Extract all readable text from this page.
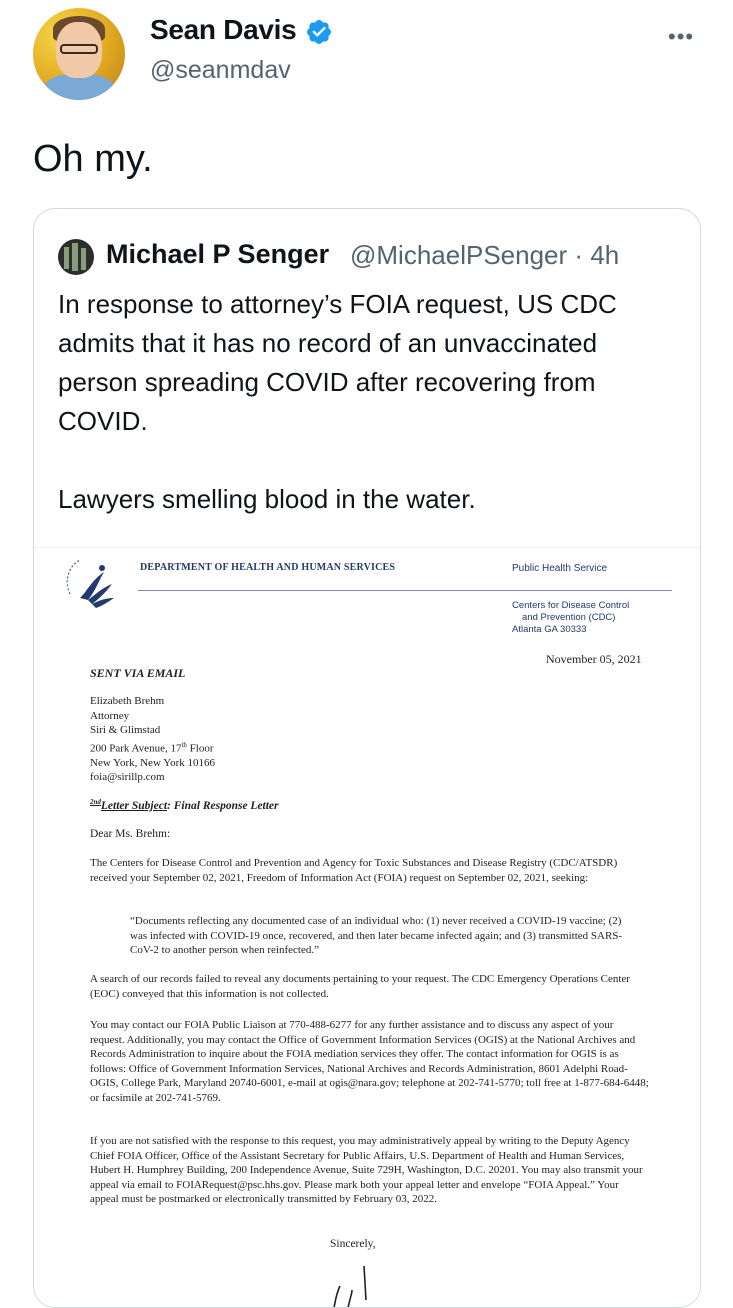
Sean Davis
@seanmdav
•••
Oh my.
Michael P Senger @MichaelPSenger · 4h

In response to attorney’s FOIA request, US CDC admits that it has no record of an unvaccinated person spreading COVID after recovering from COVID.

Lawyers smelling blood in the water.

DEPARTMENT OF HEALTH AND HUMAN SERVICES	Public Health Service
Centers for Disease Control
and Prevention (CDC)
Atlanta GA 30333
November 05, 2021
SENT VIA EMAIL
Elizabeth Brehm
Attorney
Siri & Glimstad
200 Park Avenue, 17th Floor
New York, New York 10166
foia@sirillp.com
$^{2nd}$Letter Subject: Final Response Letter
Dear Ms. Brehm:

The Centers for Disease Control and Prevention and Agency for Toxic Substances and Disease Registry (CDC/ATSDR) received your September 02, 2021, Freedom of Information Act (FOIA) request on September 02, 2021, seeking:

“Documents reflecting any documented case of an individual who: (1) never received a COVID-19 vaccine; (2) was infected with COVID-19 once, recovered, and then later became infected again; and (3) transmitted SARS-CoV-2 to another person when reinfected.”

A search of our records failed to reveal any documents pertaining to your request. The CDC Emergency Operations Center (EOC) conveyed that this information is not collected.

You may contact our FOIA Public Liaison at 770-488-6277 for any further assistance and to discuss any aspect of your request. Additionally, you may contact the Office of Government Information Services (OGIS) at the National Archives and Records Administration to inquire about the FOIA mediation services they offer. The contact information for OGIS is as follows: Office of Government Information Services, National Archives and Records Administration, 8601 Adelphi Road-OGIS, College Park, Maryland 20740-6001, e-mail at ogis@nara.gov; telephone at 202-741-5770; toll free at 1-877-684-6448; or facsimile at 202-741-5769.

If you are not satisfied with the response to this request, you may administratively appeal by writing to the Deputy Agency Chief FOIA Officer, Office of the Assistant Secretary for Public Affairs, U.S. Department of Health and Human Services, Hubert H. Humphrey Building, 200 Independence Avenue, Suite 729H, Washington, D.C. 20201. You may also transmit your appeal via email to FOIARequest@psc.hhs.gov. Please mark both your appeal letter and envelope “FOIA Appeal.” Your appeal must be postmarked or electronically transmitted by February 03, 2022.

Sincerely,
